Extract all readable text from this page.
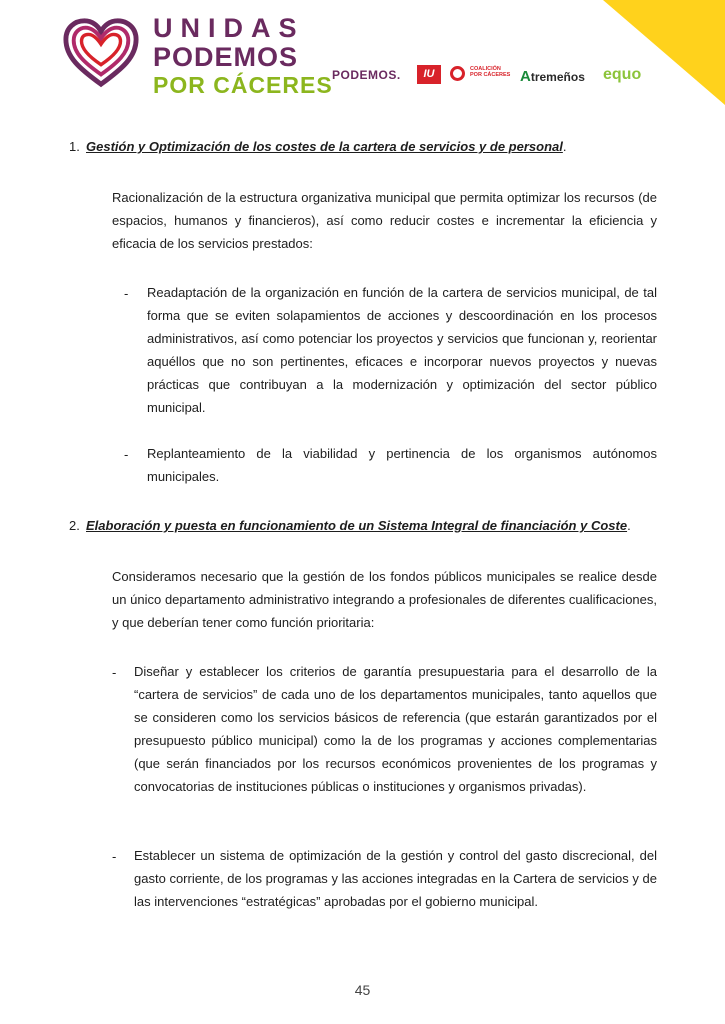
UNIDAS
PODEMOS
POR CÁCERES PODEMOS.	IU	COALICIÓN
POR CÁCERES Atremeños equo
1. Gestión y Optimización de los costes de la cartera de servicios y de personal.
Racionalización de la estructura organizativa municipal que permita optimizar los recursos (de espacios, humanos y financieros), así como reducir costes e incrementar la eficiencia y eficacia de los servicios prestados:
- Readaptación de la organización en función de la cartera de servicios municipal, de tal forma que se eviten solapamientos de acciones y descoordinación en los procesos administrativos, así como potenciar los proyectos y servicios que funcionan y, reorientar aquéllos que no son pertinentes, eficaces e incorporar nuevos proyectos y nuevas prácticas que contribuyan a la modernización y optimización del sector público municipal.
- Replanteamiento de la viabilidad y pertinencia de los organismos autónomos municipales.
2. Elaboración y puesta en funcionamiento de un Sistema Integral de financiación y Coste.
Consideramos necesario que la gestión de los fondos públicos municipales se realice desde un único departamento administrativo integrando a profesionales de diferentes cualificaciones, y que deberían tener como función prioritaria:
- Diseñar y establecer los criterios de garantía presupuestaria para el desarrollo de la “cartera de servicios” de cada uno de los departamentos municipales, tanto aquellos que se consideren como los servicios básicos de referencia (que estarán garantizados por el presupuesto público municipal) como la de los programas y acciones complementarias (que serán financiados por los recursos económicos provenientes de los programas y convocatorias de instituciones públicas o instituciones y organismos privadas).
- Establecer un sistema de optimización de la gestión y control del gasto discrecional, del gasto corriente, de los programas y las acciones integradas en la Cartera de servicios y de las intervenciones “estratégicas” aprobadas por el gobierno municipal.
45
